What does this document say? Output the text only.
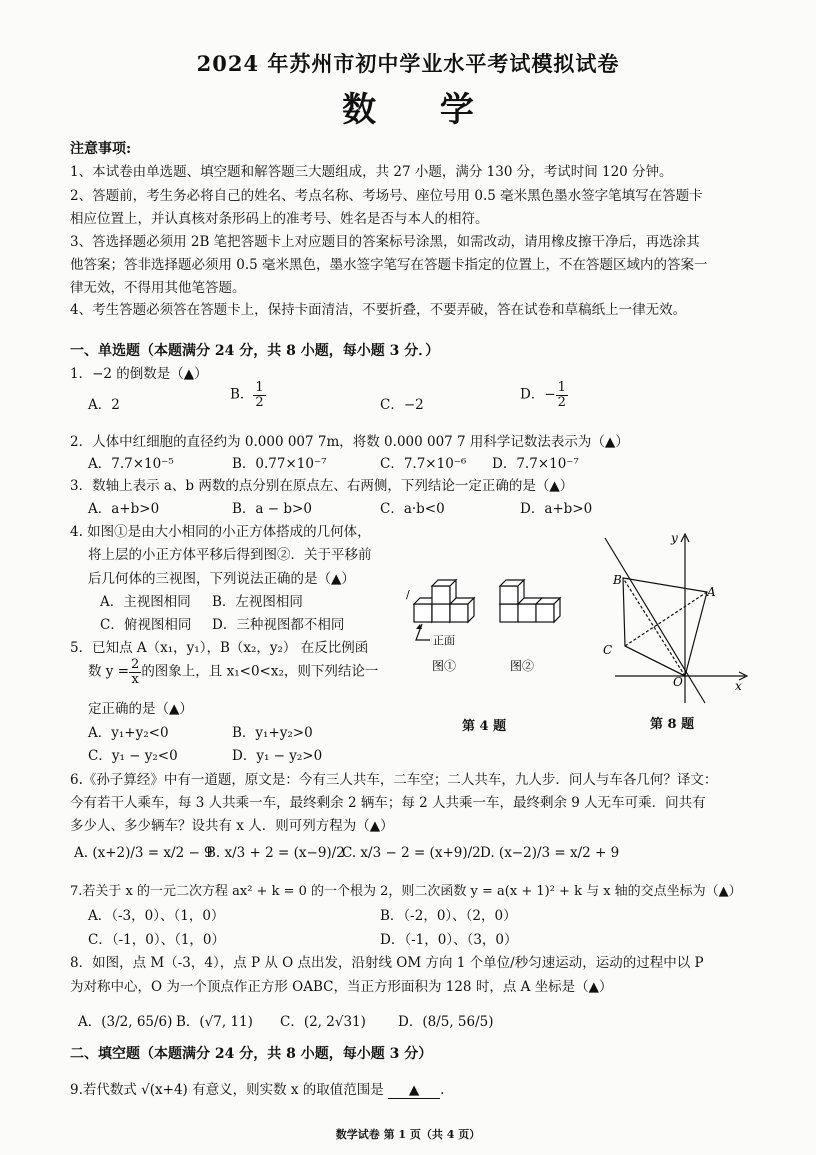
2024 年苏州市初中学业水平考试模拟试卷
数 学
注意事项:
1、本试卷由单选题、填空题和解答题三大题组成，共 27 小题，满分 130 分，考试时间 120 分钟。
2、答题前，考生务必将自己的姓名、考点名称、考场号、座位号用 0.5 毫米黑色墨水签字笔填写在答题卡
相应位置上，并认真核对条形码上的准考号、姓名是否与本人的相符。
3、答选择题必须用 2B 笔把答题卡上对应题目的答案标号涂黑，如需改动，请用橡皮擦干净后，再选涂其
他答案；答非选择题必须用 0.5 毫米黑色，墨水签字笔写在答题卡指定的位置上，不在答题区域内的答案一
律无效，不得用其他笔答题。
4、考生答题必须答在答题卡上，保持卡面清洁，不要折叠，不要弄破，答在试卷和草稿纸上一律无效。
一、单选题（本题满分 24 分，共 8 小题，每小题 3 分．）
1．−2 的倒数是（▲）
A．2
B． $\frac{1}{2}$	C．−2
D．− $\frac{1}{2}$
2．人体中红细胞的直径约为 0.000 007 7m，将数 0.000 007 7 用科学记数法表示为（▲）
A．7.7×10⁻⁵	B．0.77×10⁻⁷	C．7.7×10⁻⁶ D．7.7×10⁻⁷
3．数轴上表示 a、b 两数的点分别在原点左、右两侧，下列结论一定正确的是（▲）
A．a+b>0	B．a − b>0	C．a·b<0	D．a+b>0
4. 如图①是由大小相同的小正方体搭成的几何体，
将上层的小正方体平移后得到图②．关于平移前
后几何体的三视图，下列说法正确的是（▲）
A．主视图相同 B．左视图相同
C．俯视图相同 D．三种视图都不相同
/
正面
图①	图②
第 4 题
y
x
O
A
B
C
第 8 题
5．已知点 A（x₁，y₁），B（x₂，y₂） 在反比例函
数 $y = \frac{2}{x}$ 的图象上，且 x₁<0<x₂，则下列结论一
定正确的是（▲）
A．y₁+y₂<0	B．y₁+y₂>0
C．y₁ − y₂<0	D．y₁ − y₂>0
6.《孙子算经》中有一道题，原文是：今有三人共车，二车空；二人共车，九人步．问人与车各几何？译文：
今有若干人乘车，每 3 人共乘一车，最终剩余 2 辆车；每 2 人共乘一车，最终剩余 9 人无车可乘．问共有
多少人、多少辆车？设共有 x 人．则可列方程为（▲）
A. (x+2)/3 = x/2 − 9
B. x/3 + 2 = (x−9)/2
C. x/3 − 2 = (x+9)/2 D. (x−2)/3 = x/2 + 9
7.若关于 x 的一元二次方程 ax² + k = 0 的一个根为 2，则二次函数 y = a(x + 1)² + k 与 x 轴的交点坐标为（▲）
A．（-3，0）、（1，0）	B．（-2，0）、（2，0）
C．（-1，0）、（1，0）	D．（-1，0）、（3，0）
8．如图，点 M（-3，4），点 P 从 O 点出发，沿射线 OM 方向 1 个单位/秒匀速运动，运动的过程中以 P
为对称中心，O 为一个顶点作正方形 OABC，当正方形面积为 128 时，点 A 坐标是（▲）
A．(3/2, 65/6) B．(√7, 11) C．(2, 2√31) D．(8/5, 56/5)
二、填空题（本题满分 24 分，共 8 小题，每小题 3 分）
9.若代数式 √(x+4) 有意义，则实数 x 的取值范围是 ▲ .
数学试卷 第 1 页（共 4 页）
